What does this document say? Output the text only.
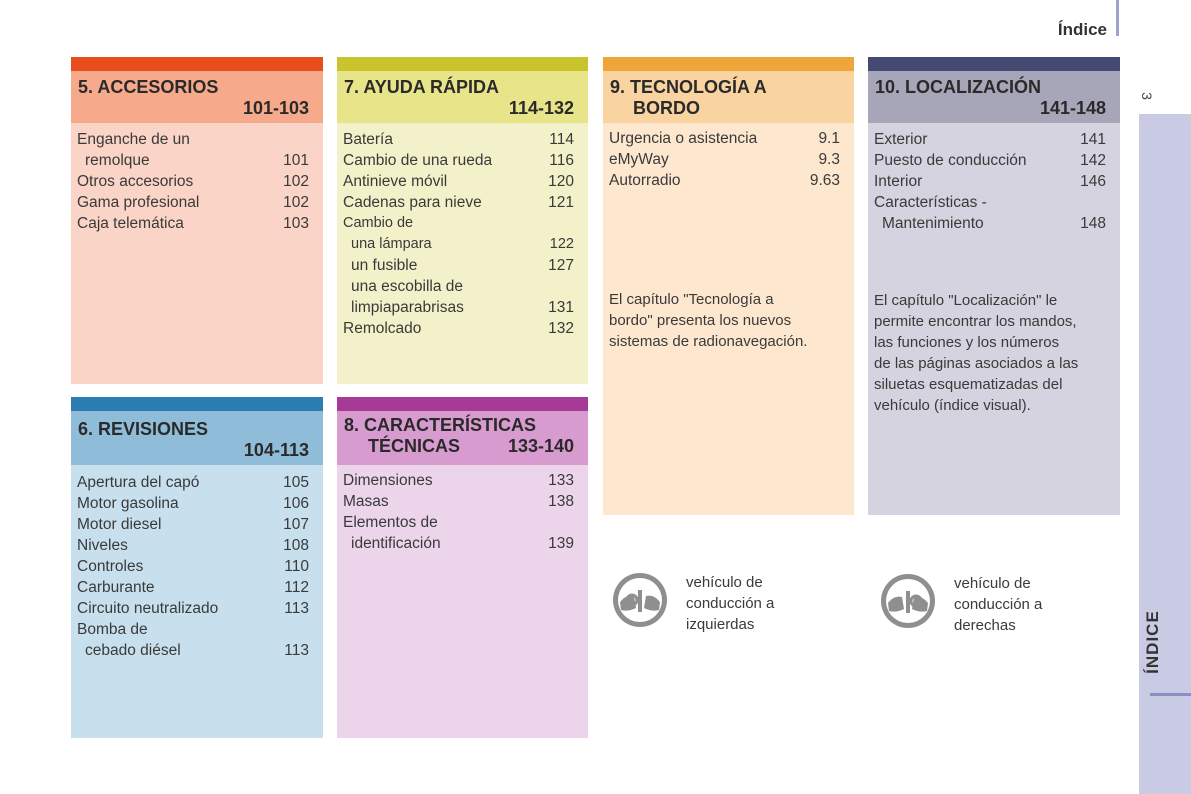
Índice
3
ÍNDICE
5. ACCESORIOS
101-103
Enganche de un
remolque	101
Otros accesorios	102
Gama profesional	102
Caja telemática	103
7. AYUDA RÁPIDA
114-132
Batería	114
Cambio de una rueda	116
Antinieve móvil	120
Cadenas para nieve	121
Cambio de
una lámpara	122
un fusible	127
una escobilla de
limpiaparabrisas	131
Remolcado	132
9. TECNOLOGÍA A
BORDO
Urgencia o asistencia	9.1
eMyWay	9.3
Autorradio	9.63
El capítulo "Tecnología a
bordo" presenta los nuevos
sistemas de radionavegación.
10. LOCALIZACIÓN
141-148
Exterior	141
Puesto de conducción	142
Interior	146
Características -
Mantenimiento	148
El capítulo "Localización" le
permite encontrar los mandos,
las funciones y los números
de las páginas asociados a las
siluetas esquematizadas del
vehículo (índice visual).
6. REVISIONES
104-113
Apertura del capó	105
Motor gasolina	106
Motor diesel	107
Niveles	108
Controles	110
Carburante	112
Circuito neutralizado	113
Bomba de
cebado diésel	113
8. CARACTERÍSTICAS
TÉCNICAS	133-140
Dimensiones	133
Masas	138
Elementos de
identificación	139
vehículo de
conducción a
izquierdas
vehículo de
conducción a
derechas
